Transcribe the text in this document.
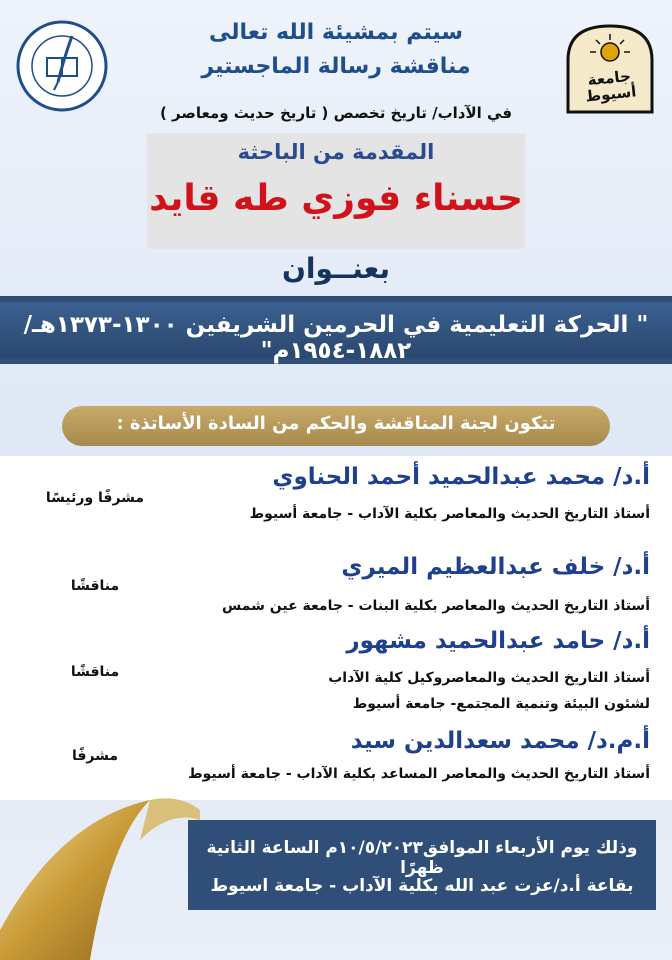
جامعة أسيوط
سيتم بمشيئة الله تعالى
مناقشة رسالة الماجستير
في الآداب/ تاريخ تخصص ( تاريخ حديث ومعاصر )
المقدمة من الباحثة
حسناء فوزي طه قايد
بعنــوان
" الحركة التعليمية في الحرمين الشريفين ١٣٠٠-١٣٧٣هـ/١٨٨٢-١٩٥٤م"
تتكون لجنة المناقشة والحكم من السادة الأساتذة :
أ.د/ محمد عبدالحميد أحمد الحناوي
أستاذ التاريخ الحديث والمعاصر بكلية الآداب - جامعة أسيوط
مشرفًا ورئيسًا
أ.د/ خلف عبدالعظيم الميري
أستاذ التاريخ الحديث والمعاصر بكلية البنات - جامعة عين شمس
مناقشًا
أ.د/ حامد عبدالحميد مشهور
أستاذ التاريخ الحديث والمعاصروكيل كلية الآداب
لشئون البيئة وتنمية المجتمع- جامعة أسيوط
مناقشًا
أ.م.د/ محمد سعدالدين سيد
أستاذ التاريخ الحديث والمعاصر المساعد بكلية الآداب - جامعة أسيوط
مشرفًا
وذلك يوم الأربعاء الموافق١٠/٥/٢٠٢٣م الساعة الثانية ظهرًا
بقاعة أ.د/عزت عبد الله بكلية الآداب - جامعة اسيوط
